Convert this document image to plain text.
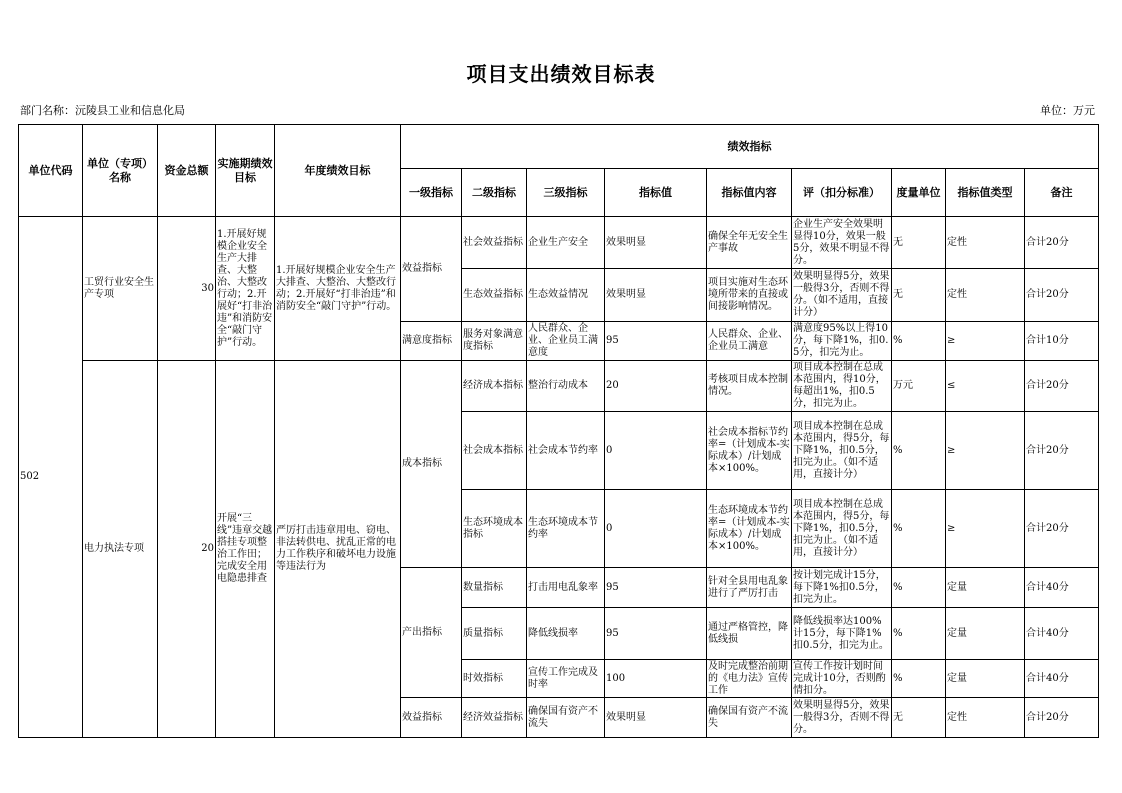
项目支出绩效目标表
部门名称：沅陵县工业和信息化局	单位：万元
单位代码	单位（专项）名称	资金总额	实施期绩效目标	年度绩效目标	绩效指标								
					一级指标	二级指标	三级指标	指标值	指标值内容	评（扣分标准）	度量单位	指标值类型	备注
502	工贸行业安全生产专项	30	1.开展好规模企业安全生产大排查、大整治、大整改行动；2.开展好“打非治违”和消防安全“敲门守护”行动。	1.开展好规模企业安全生产大排查、大整治、大整改行动；2.开展好“打非治违”和消防安全“敲门守护”行动。	效益指标	社会效益指标	企业生产安全	效果明显	确保全年无安全生产事故	企业生产安全效果明显得10分，效果一般5分，效果不明显不得分。	无	定性	合计20分
						生态效益指标	生态效益情况	效果明显	项目实施对生态环境所带来的直接或间接影响情况。	效果明显得5分，效果一般得3分，否则不得分。（如不适用，直接计分）	无	定性	合计20分
					满意度指标	服务对象满意度指标	人民群众、企业、企业员工满意度	95	人民群众、企业、企业员工满意	满意度95%以上得10分，每下降1%，扣0.5分，扣完为止。	%	≥	合计10分
	电力执法专项	20	开展“三线”违章交越搭挂专项整治工作田；完成安全用电隐患排查	严厉打击违章用电、窃电、非法转供电、扰乱正常的电力工作秩序和破坏电力设施等违法行为	成本指标	经济成本指标	整治行动成本	20	考核项目成本控制情况。	项目成本控制在总成本范围内，得10分，每超出1%，扣0.5分，扣完为止。	万元	≤	合计20分
						社会成本指标	社会成本节约率	0	社会成本指标节约率=（计划成本-实际成本）/计划成本×100%。	项目成本控制在总成本范围内，得5分，每下降1%，扣0.5分，扣完为止。（如不适用，直接计分）	%	≥	合计20分
						生态环境成本指标	生态环境成本节约率	0	生态环境成本节约率=（计划成本-实际成本）/计划成本×100%。	项目成本控制在总成本范围内，得5分，每下降1%，扣0.5分，扣完为止。（如不适用，直接计分）	%	≥	合计20分
					产出指标	数量指标	打击用电乱象率	95	针对全县用电乱象进行了严厉打击	按计划完成计15分，每下降1%扣0.5分，扣完为止。	%	定量	合计40分
						质量指标	降低线损率	95	通过严格管控，降低线损	降低线损率达100%计15分，每下降1%扣0.5分，扣完为止。	%	定量	合计40分
						时效指标	宣传工作完成及时率	100	及时完成整治前期的《电力法》宣传工作	宣传工作按计划时间完成计10分，否则酌情扣分。	%	定量	合计40分
					效益指标	经济效益指标	确保国有资产不流失	效果明显	确保国有资产不流失	效果明显得5分，效果一般得3分，否则不得分。	无	定性	合计20分
